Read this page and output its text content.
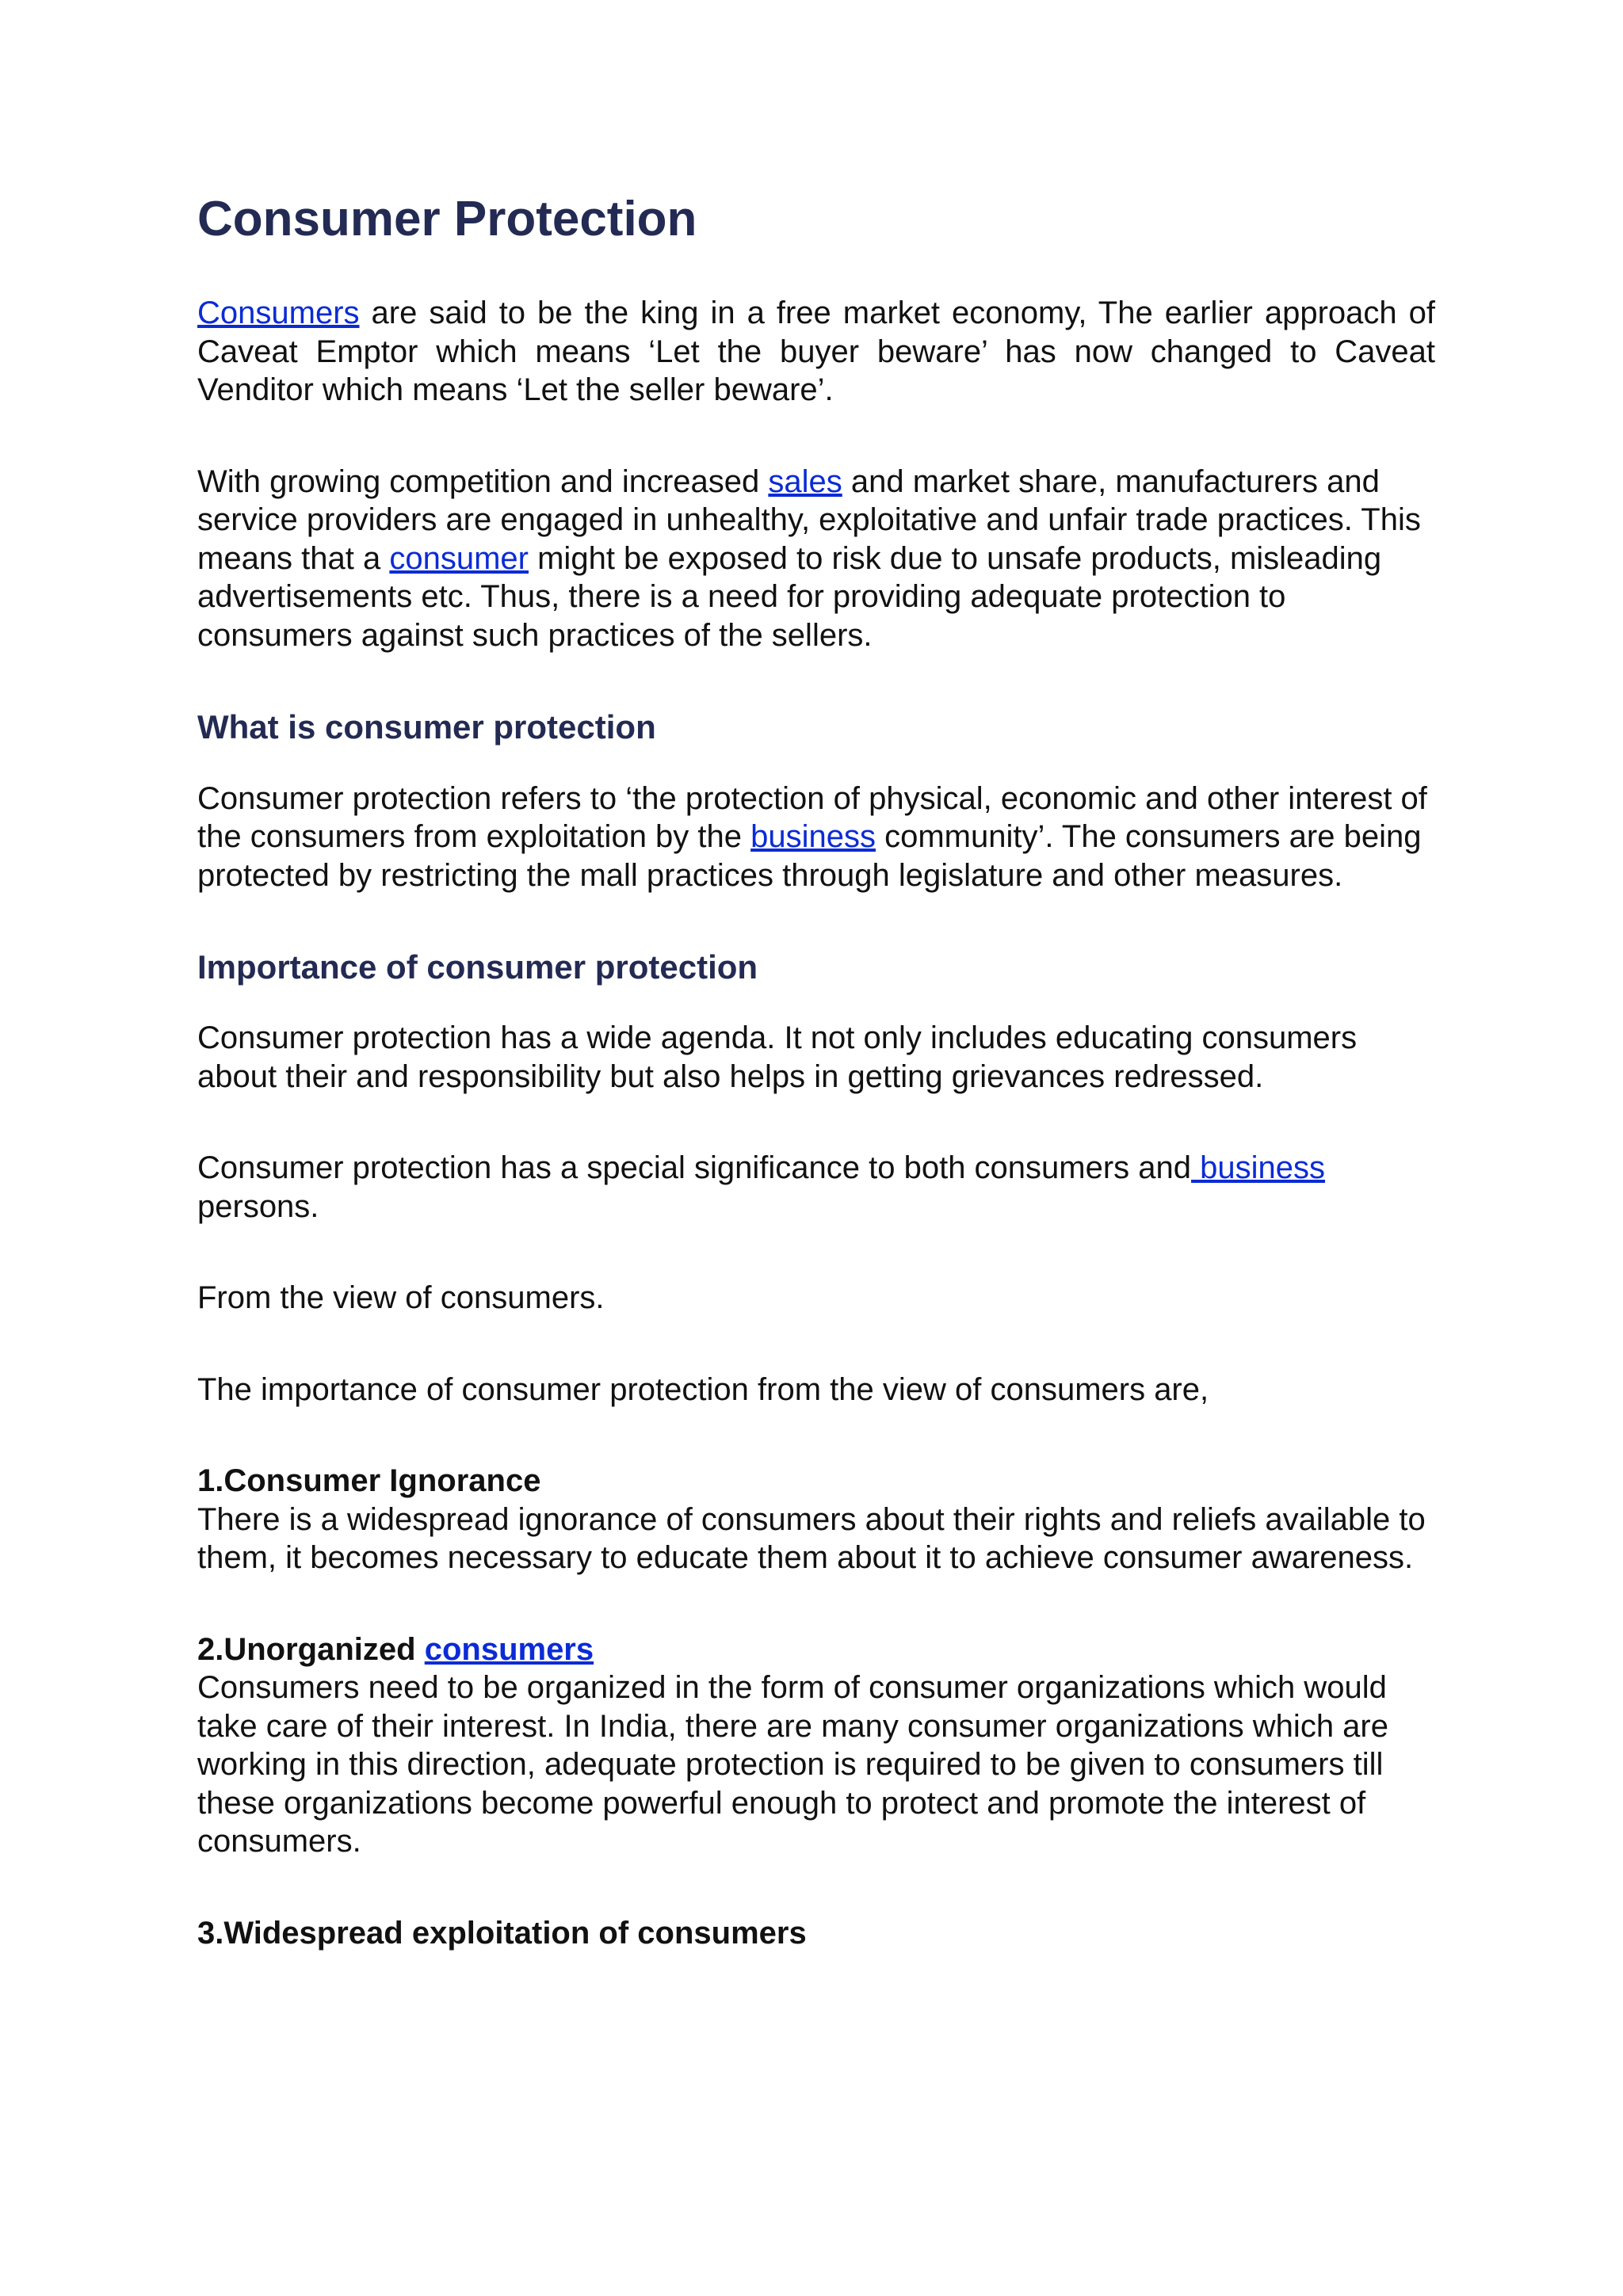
Consumer Protection

Consumers are said to be the king in a free market economy, The earlier approach of Caveat Emptor which means ‘Let the buyer beware’ has now changed to Caveat Venditor which means ‘Let the seller beware’.

With growing competition and increased sales and market share, manufacturers and service providers are engaged in unhealthy, exploitative and unfair trade practices. This means that a consumer might be exposed to risk due to unsafe products, misleading advertisements etc. Thus, there is a need for providing adequate protection to consumers against such practices of the sellers.

What is consumer protection

Consumer protection refers to ‘the protection of physical, economic and other interest of the consumers from exploitation by the business community’. The consumers are being protected by restricting the mall practices through legislature and other measures.

Importance of consumer protection

Consumer protection has a wide agenda. It not only includes educating consumers about their and responsibility but also helps in getting grievances redressed.

Consumer protection has a special significance to both consumers and business persons.

From the view of consumers.

The importance of consumer protection from the view of consumers are,

1.Consumer Ignorance
There is a widespread ignorance of consumers about their rights and reliefs available to them, it becomes necessary to educate them about it to achieve consumer awareness.

2.Unorganized consumers
Consumers need to be organized in the form of consumer organizations which would take care of their interest. In India, there are many consumer organizations which are working in this direction, adequate protection is required to be given to consumers till these organizations become powerful enough to protect and promote the interest of consumers.

3.Widespread exploitation of consumers
